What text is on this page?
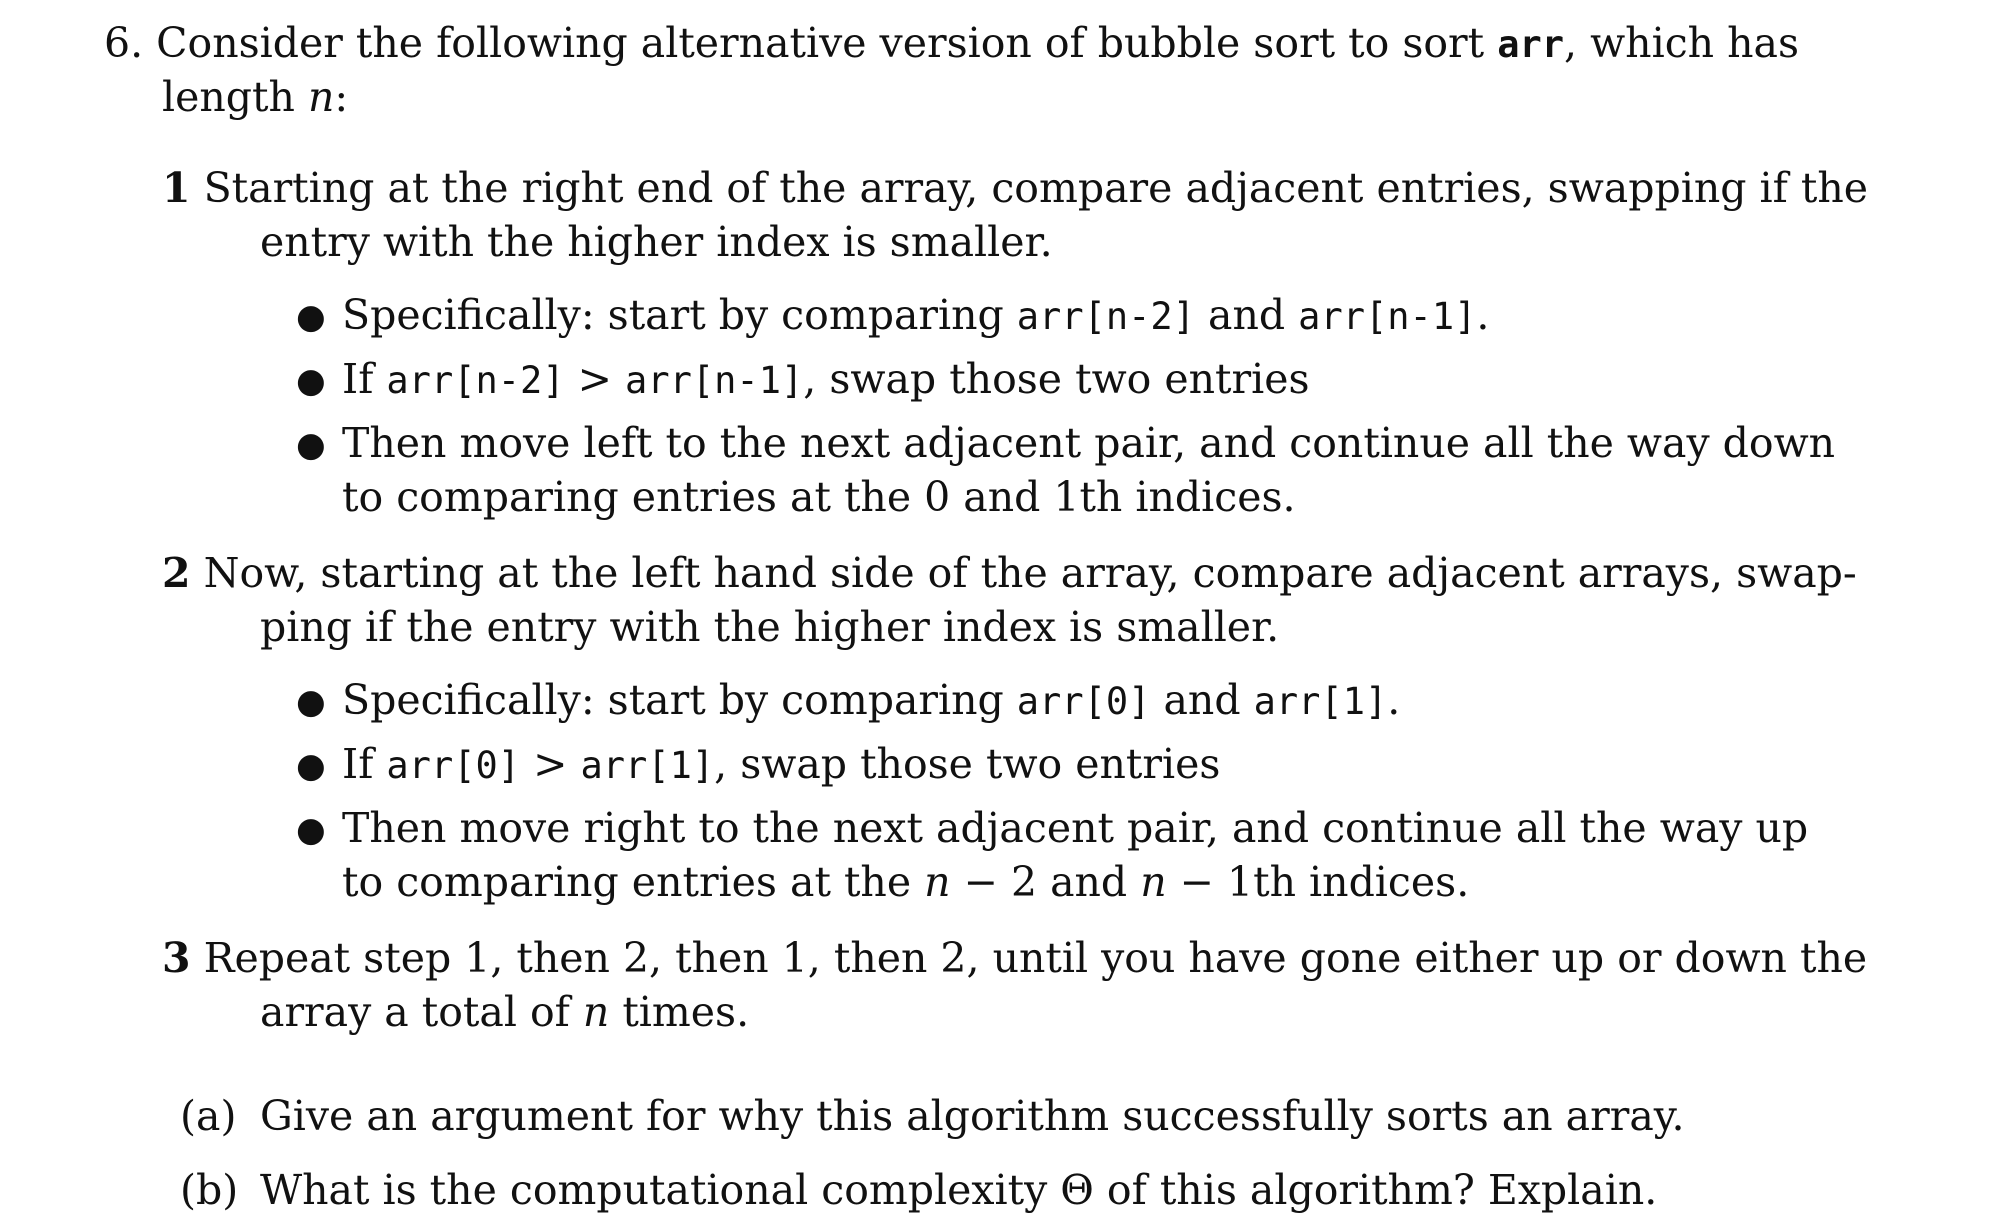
6. Consider the following alternative version of bubble sort to sort arr, which has
length n:
1 Starting at the right end of the array, compare adjacent entries, swapping if the
entry with the higher index is smaller.
● Specifically: start by comparing arr[n-2] and arr[n-1].
● If arr[n-2] > arr[n-1], swap those two entries
● Then move left to the next adjacent pair, and continue all the way down
to comparing entries at the 0 and 1th indices.
2 Now, starting at the left hand side of the array, compare adjacent arrays, swap-
ping if the entry with the higher index is smaller.
● Specifically: start by comparing arr[0] and arr[1].
● If arr[0] > arr[1], swap those two entries
● Then move right to the next adjacent pair, and continue all the way up
to comparing entries at the n − 2 and n − 1th indices.
3 Repeat step 1, then 2, then 1, then 2, until you have gone either up or down the
array a total of n times.
(a) Give an argument for why this algorithm successfully sorts an array.
(b) What is the computational complexity Θ of this algorithm? Explain.
